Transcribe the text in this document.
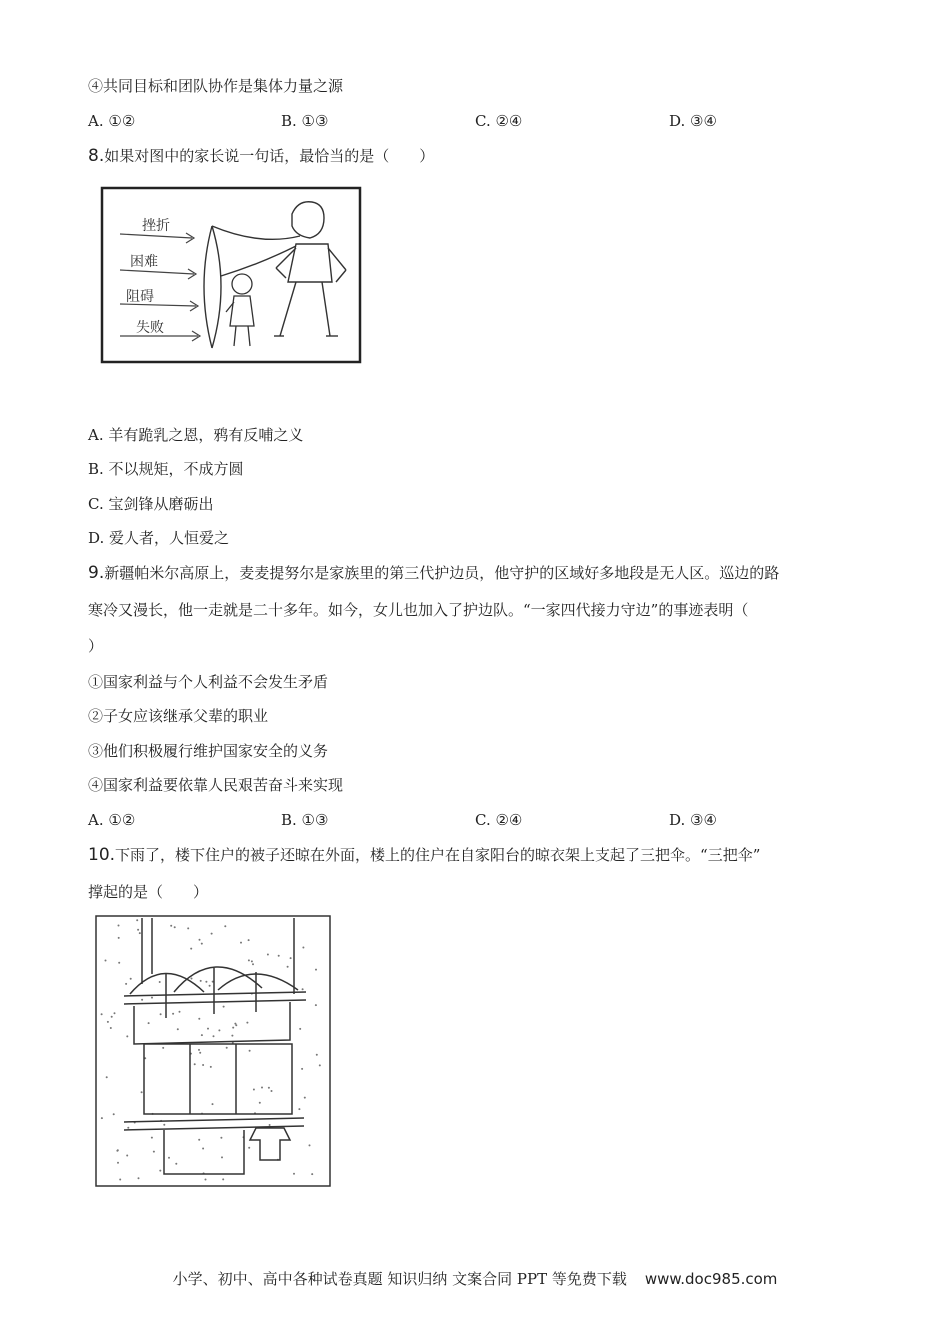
④共同目标和团队协作是集体力量之源
A. ①②	B. ①③	C. ②④	D. ③④
8.如果对图中的家长说一句话，最恰当的是（　　）
挫折
困难
阻碍
失败
A. 羊有跪乳之恩，鸦有反哺之义
B. 不以规矩，不成方圆
C. 宝剑锋从磨砺出
D. 爱人者，人恒爱之
9.新疆帕米尔高原上，麦麦提努尔是家族里的第三代护边员，他守护的区域好多地段是无人区。巡边的路
寒冷又漫长，他一走就是二十多年。如今，女儿也加入了护边队。“一家四代接力守边”的事迹表明（
）
①国家利益与个人利益不会发生矛盾
②子女应该继承父辈的职业
③他们积极履行维护国家安全的义务
④国家利益要依靠人民艰苦奋斗来实现
A. ①②	B. ①③	C. ②④	D. ③④
10.下雨了，楼下住户的被子还晾在外面，楼上的住户在自家阳台的晾衣架上支起了三把伞。“三把伞”
撑起的是（　　）
小学、初中、高中各种试卷真题 知识归纳 文案合同 PPT 等免费下载 www.doc985.com
